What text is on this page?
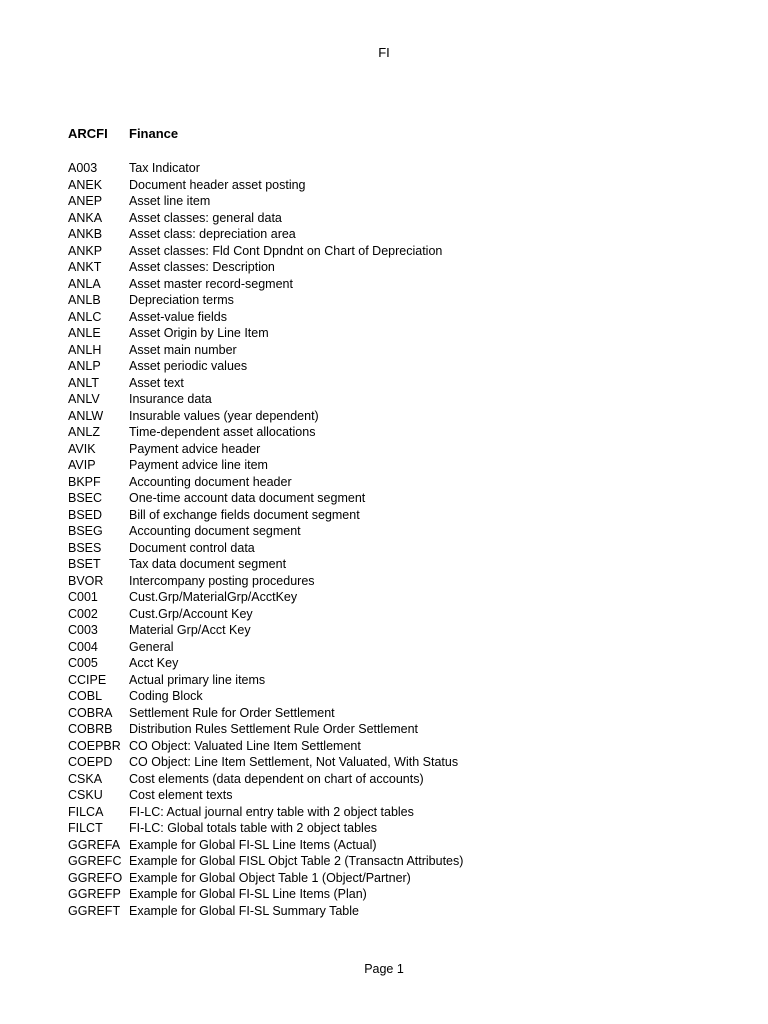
FI
ARCFI Finance
A003	Tax Indicator
ANEK Document header asset posting
ANEP Asset line item
ANKA Asset classes: general data
ANKB Asset class: depreciation area
ANKP Asset classes: Fld Cont Dpndnt on Chart of Depreciation
ANKT Asset classes: Description
ANLA Asset master record-segment
ANLB Depreciation terms
ANLC Asset-value fields
ANLE Asset Origin by Line Item
ANLH Asset main number
ANLP Asset periodic values
ANLT Asset text
ANLV Insurance data
ANLW Insurable values (year dependent)
ANLZ Time-dependent asset allocations
AVIK	Payment advice header
AVIP	Payment advice line item
BKPF Accounting document header
BSEC One-time account data document segment
BSED Bill of exchange fields document segment
BSEG Accounting document segment
BSES Document control data
BSET Tax data document segment
BVOR Intercompany posting procedures
C001 Cust.Grp/MaterialGrp/AcctKey
C002 Cust.Grp/Account Key
C003 Material Grp/Acct Key
C004 General
C005 Acct Key
CCIPE Actual primary line items
COBL Coding Block
COBRA Settlement Rule for Order Settlement
COBRB Distribution Rules Settlement Rule Order Settlement
COEPBR CO Object: Valuated Line Item Settlement
COEPD CO Object: Line Item Settlement, Not Valuated, With Status
CSKA Cost elements (data dependent on chart of accounts)
CSKU Cost element texts
FILCA FI-LC: Actual journal entry table with 2 object tables
FILCT FI-LC: Global totals table with 2 object tables
GGREFA Example for Global FI-SL Line Items (Actual)
GGREFC Example for Global FISL Objct Table 2 (Transactn Attributes)
GGREFO Example for Global Object Table 1 (Object/Partner)
GGREFP Example for Global FI-SL Line Items (Plan)
GGREFT Example for Global FI-SL Summary Table
Page 1
